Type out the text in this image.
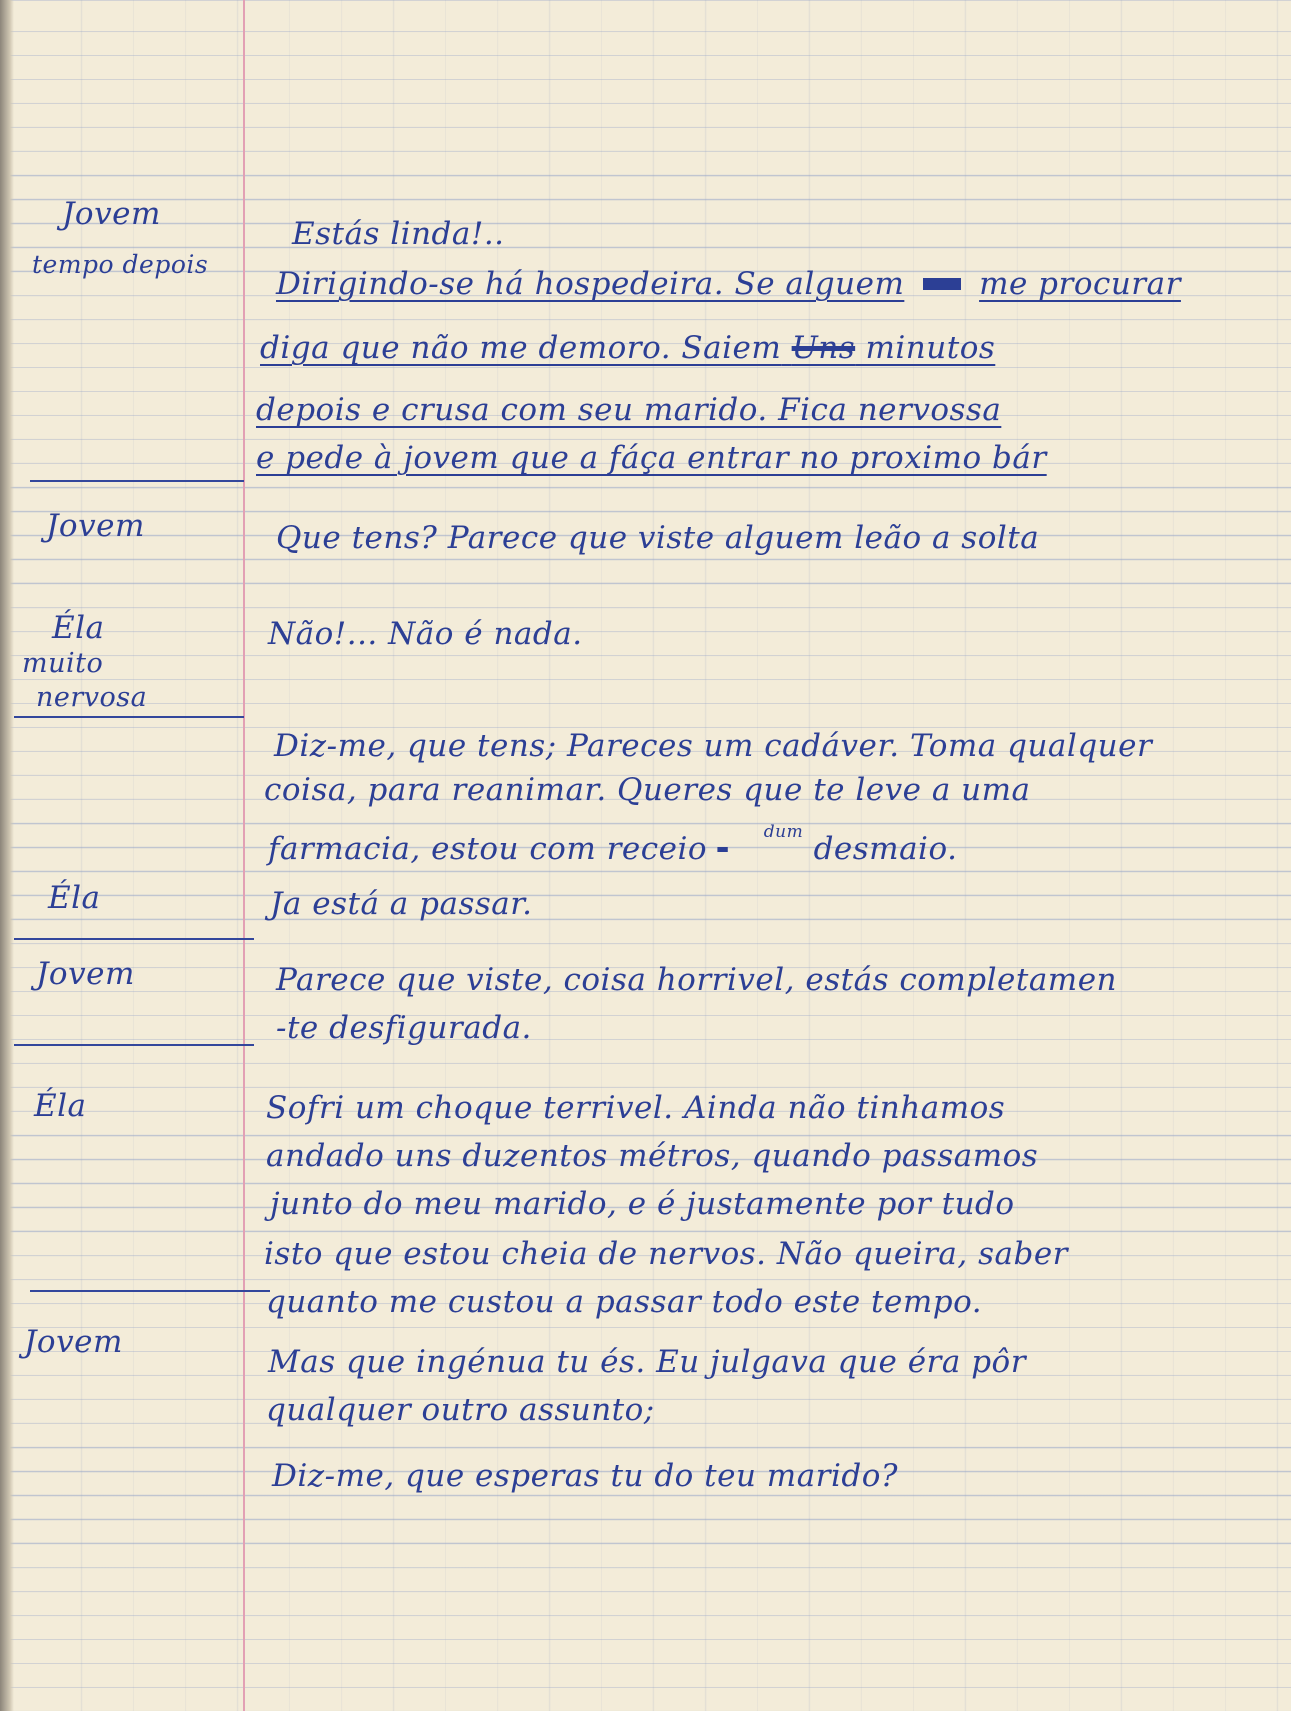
Jovem
tempo depois
Jovem
Éla
muito
nervosa
Éla
Jovem
Éla
Jovem
Estás linda!..
Dirigindo-se há hospedeira. Se alguem me procurar
diga que não me demoro. Saiem Uns minutos
depois e crusa com seu marido. Fica nervossa
e pede à jovem que a fáça entrar no proximo bár
Que tens? Parece que viste alguem leão a solta
Não!... Não é nada.
Diz-me, que tens; Pareces um cadáver. Toma qualquer
coisa, para reanimar. Queres que te leve a uma
farmacia, estou com receio	$^{dum}$ desmaio.
Ja está a passar.
Parece que viste, coisa horrivel, estás completamen
-te desfigurada.
Sofri um choque terrivel. Ainda não tinhamos
andado uns duzentos métros, quando passamos
junto do meu marido, e é justamente por tudo
isto que estou cheia de nervos. Não queira, saber
quanto me custou a passar todo este tempo.
Mas que ingénua tu és. Eu julgava que éra pôr
qualquer outro assunto;
Diz-me, que esperas tu do teu marido?
